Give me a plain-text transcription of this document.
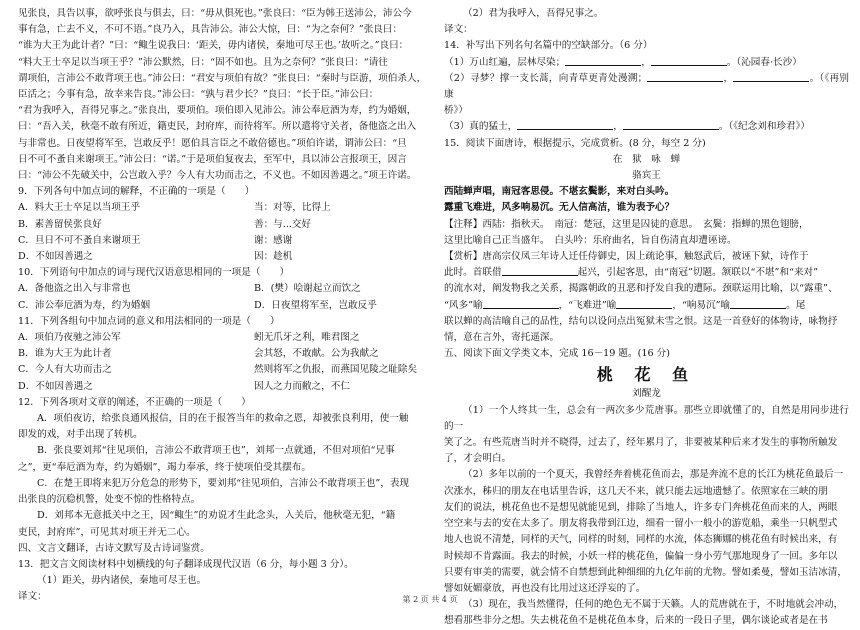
见张良，具告以事，欲呼张良与俱去，曰：“毋从俱死也。”张良曰：“臣为韩王送沛公，沛公今

事有急，亡去不义，不可不语。”良乃入，具告沛公。沛公大惊，曰：“为之奈何？”张良曰：

“谁为大王为此计者？”曰：“鲰生说我曰：‘距关，毋内诸侯，秦地可尽王也。’故听之。”良曰：

“料大王士卒足以当项王乎？”沛公默然，曰：“固不如也。且为之奈何？”张良曰：“请往

谓项伯，言沛公不敢背项王也。”沛公曰：“君安与项伯有故？”张良曰：“秦时与臣游，项伯杀人，

臣活之；今事有急，故幸来告良。”沛公曰：“孰与君少长？”良曰：“长于臣。”沛公曰：

“君为我呼入，吾得兄事之。”张良出，要项伯。项伯即入见沛公。沛公奉卮酒为寿，约为婚姻，

曰：“吾入关，秋毫不敢有所近，籍吏民，封府库，而待将军。所以遣将守关者，备他盗之出入

与非常也。日夜望将军至，岂敢反乎！愿伯具言臣之不敢倍德也。”项伯许诺，谓沛公曰：“旦

日不可不蚤自来谢项王。”沛公曰：“诺。”于是项伯复夜去，至军中，具以沛公言报项王，因言

曰：“沛公不先破关中，公岂敢入乎？今人有大功而击之，不义也。不如因善遇之。”项王许诺。

9．下列各句中加点词的解释，不正确的一项是（　　）

A．料大王士卒足以当项王乎	当：对等，比得上
B．素善留侯张良好	善：与...交好
C．旦日不可不蚤自来谢项王	谢：感谢
D．不如因善遇之	因：趁机

10．下列语句中加点的词与现代汉语意思相同的一项是（　　）

A．备他盗之出入与非常也	B．(樊）哙谢起立而饮之
C．沛公奉卮酒为寿，约为婚姻	D．日夜望将军至，岂敢反乎

11．下列各组句中加点词的意义和用法相同的一项是（　　）

A．项伯乃夜驰之沛公军	蚓无爪牙之利，唯君图之
B．谁为大王为此计者	会其怒，不敢献。公为我献之
C．今人有大功而击之	然则将军之仇报，而燕国见陵之耻除矣
D．不如因善遇之	因人之力而敝之，不仁

12．下列各项对文章的阐述，不正确的一项是（　　）

A．项伯夜访，给张良通风报信，目的在于报答当年的救命之恩，却被张良利用，使一触

即发的戏，对手出现了转机。

B．张良要刘邦“往见项伯，言沛公不敢背项王也”，刘邦一点就通，不但对项伯“兄事

之”，更“奉卮酒为寿，约为婚姻”，竭力奉承，终于使项伯受其摆布。

C．在楚王即将来犯万分危急的形势下，要刘邦“往见项伯，言沛公不敢背项王也”，表现

出张良的沉稳机警，处变不惊的性格特点。

D．刘邦本无意抵关中之王，因“鲰生”的劝说才生此念头，入关后，他秋毫无犯，“籍

吏民，封府库”，可见其对项王并无二心。

四、文言文翻译，古诗文默写及古诗词鉴赏。

13．把文言文阅读材料中划横线的句子翻译成现代汉语（6 分，每小题 3 分）。

（1）距关，毋内诸侯，秦地可尽王也。

译文：

（2）君为我呼入，吾得兄事之。

译文：

14．补写出下列名句名篇中的空缺部分。（6 分）

（1）万山红遍，层林尽染；	，	。（沁园春·长沙）

（2）寻梦？撑一支长蒿，向青草更青处漫溯；	，	。（《再别康

桥》）

（3）真的猛士，	，	。（《纪念刘和珍君》）

15．阅读下面唐诗，根据提示，完成赏析。(8 分，每空 2 分)

在　狱　咏　蝉

骆宾王

西陆蝉声唱，南冠客思侵。不堪玄鬓影，来对白头吟。

露重飞难进，风多响易沉。无人信高洁，谁为表予心？

【注释】西陆：指秋天。　南冠：楚冠，这里是囚徒的意思。　玄鬓：指蝉的黑色翅膀，

这里比喻自己正当盛年。　白头吟：乐府曲名，旨自伤清直却遭诬谤。

【赏析】唐高宗仪凤三年诗人迁任侍御史，因上疏论事，触怒武后，被诬下狱，诗作于

此时。首联借	起兴，引起客思，由“南冠”切题。颔联以“不堪”和“来对”

的流水对，阐发物我之关系，揭露朝政的丑恶和抒发自我的遭际。颈联运用比喻，以“露重”、

“风多”喻	，“飞难进”喻	，“响易沉”喻	。尾

联以蝉的高洁喻自己的品性，结句以设问点出冤狱未雪之恨。这是一首登好的体物诗，咏物抒

情，意在言外，寄托遥深。

五、阅读下面文学类文本，完成 16－19 题。(16 分)

桃 花 鱼

刘醒龙

（1）一个人终其一生，总会有一两次多少荒唐事。那些立即就懂了的，自然是用同步进行的一

笑了之。有些荒唐当时并不晓得，过去了，经年累月了，非要被某种后来才发生的事物所触发

了，才会明白。

（2）多年以前的一个夏天，我曾经奔着桃花鱼而去，那是奔流不息的长江为桃花鱼最后一

次涨水，秭归的朋友在电话里告诉，这几天不来，就只能去远地遗憾了。依照家在三峡的朋

友们的说法，桃花鱼也不是想见就能见到，排除了当地人，许多专门奔桃花鱼而来的人，两眼

空空来与去的安在太多了。朋友将我带到江边，细看一留小一般小的游览船，乘坐一只帆型式

地人也说不清楚，同样的天气，同样的时刻，同样的水流，体态狮娜的桃花鱼有时候出来，有

时候却不肯露面。我去的时候，小妖一样的桃花鱼，偏偏一身小劳气那地现身了一回。多年以

只要有审美的需要，就会情不自禁想到此种细细的九亿年前的尤物。譬如柔曼，譬如玉洁冰清，

譬如妩媚豪放，再也没有比用过这还浮妄的了。

（3）现在，我当然懂得，任何的绝色无不属于天籁。人的荒唐就在于，不时地就会冲动，

想看那些非分之想。失去桃花鱼不是桃花鱼本身，后来的一段日子里，偶尔谈论或者是在书

第 2 页 共 4 页
